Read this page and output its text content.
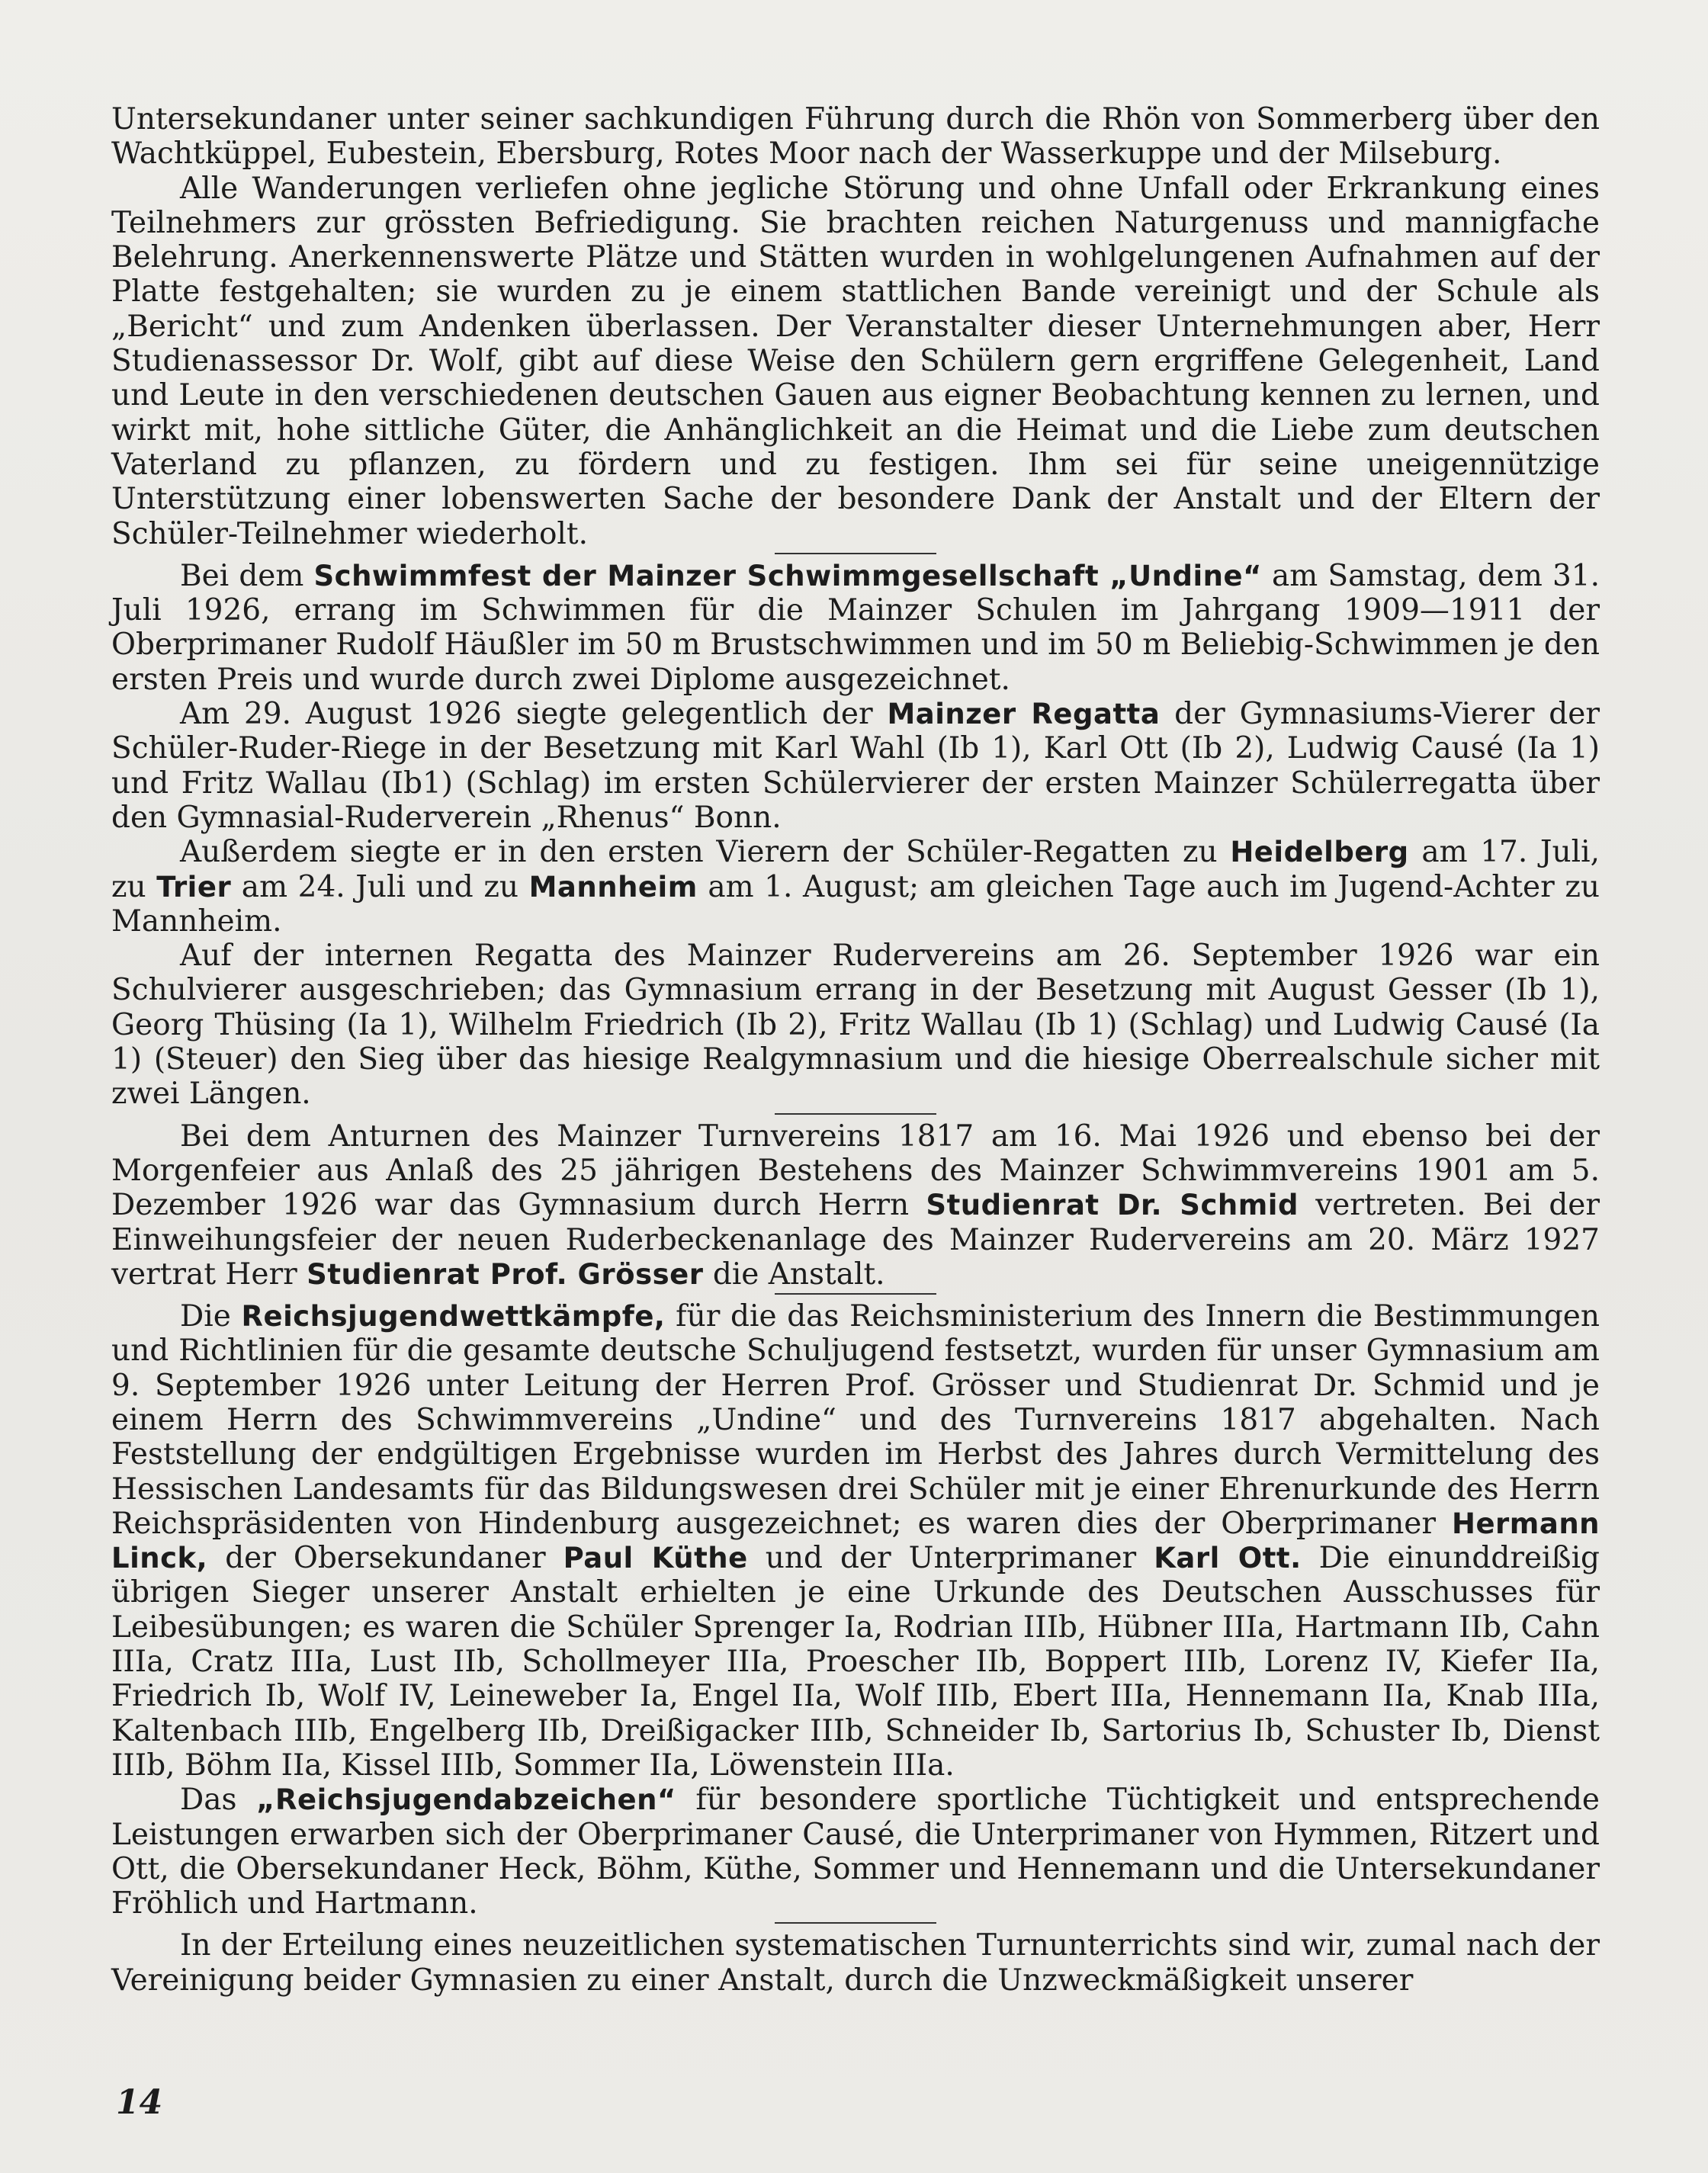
Untersekundaner unter seiner sachkundigen Führung durch die Rhön von Sommerberg über den Wachtküppel, Eubestein, Ebersburg, Rotes Moor nach der Wasserkuppe und der Milseburg.

Alle Wanderungen verliefen ohne jegliche Störung und ohne Unfall oder Erkrankung eines Teilnehmers zur grössten Befriedigung. Sie brachten reichen Naturgenuss und mannigfache Belehrung. Anerkennenswerte Plätze und Stätten wurden in wohlgelungenen Aufnahmen auf der Platte festgehalten; sie wurden zu je einem stattlichen Bande vereinigt und der Schule als „Bericht“ und zum Andenken überlassen. Der Veranstalter dieser Unternehmungen aber, Herr Studienassessor Dr. Wolf, gibt auf diese Weise den Schülern gern ergriffene Gelegenheit, Land und Leute in den verschiedenen deutschen Gauen aus eigner Beobachtung kennen zu lernen, und wirkt mit, hohe sittliche Güter, die Anhänglichkeit an die Heimat und die Liebe zum deutschen Vaterland zu pflanzen, zu fördern und zu festigen. Ihm sei für seine uneigennützige Unterstützung einer lobenswerten Sache der besondere Dank der Anstalt und der Eltern der Schüler-Teilnehmer wiederholt.

Bei dem Schwimmfest der Mainzer Schwimmgesellschaft „Undine“ am Samstag, dem 31. Juli 1926, errang im Schwimmen für die Mainzer Schulen im Jahrgang 1909—1911 der Oberprimaner Rudolf Häußler im 50 m Brustschwimmen und im 50 m Beliebig-Schwimmen je den ersten Preis und wurde durch zwei Diplome ausgezeichnet.

Am 29. August 1926 siegte gelegentlich der Mainzer Regatta der Gymnasiums-Vierer der Schüler-Ruder-Riege in der Besetzung mit Karl Wahl (Ib 1), Karl Ott (Ib 2), Ludwig Causé (Ia 1) und Fritz Wallau (Ib1) (Schlag) im ersten Schülervierer der ersten Mainzer Schülerregatta über den Gymnasial-Ruderverein „Rhenus“ Bonn.

Außerdem siegte er in den ersten Vierern der Schüler-Regatten zu Heidelberg am 17. Juli, zu Trier am 24. Juli und zu Mannheim am 1. August; am gleichen Tage auch im Jugend-Achter zu Mannheim.

Auf der internen Regatta des Mainzer Rudervereins am 26. September 1926 war ein Schulvierer ausgeschrieben; das Gymnasium errang in der Besetzung mit August Gesser (Ib 1), Georg Thüsing (Ia 1), Wilhelm Friedrich (Ib 2), Fritz Wallau (Ib 1) (Schlag) und Ludwig Causé (Ia 1) (Steuer) den Sieg über das hiesige Realgymnasium und die hiesige Oberrealschule sicher mit zwei Längen.

Bei dem Anturnen des Mainzer Turnvereins 1817 am 16. Mai 1926 und ebenso bei der Morgenfeier aus Anlaß des 25 jährigen Bestehens des Mainzer Schwimmvereins 1901 am 5. Dezember 1926 war das Gymnasium durch Herrn Studienrat Dr. Schmid vertreten. Bei der Einweihungsfeier der neuen Ruderbeckenanlage des Mainzer Rudervereins am 20. März 1927 vertrat Herr Studienrat Prof. Grösser die Anstalt.

Die Reichsjugendwettkämpfe, für die das Reichsministerium des Innern die Bestimmungen und Richtlinien für die gesamte deutsche Schuljugend festsetzt, wurden für unser Gymnasium am 9. September 1926 unter Leitung der Herren Prof. Grösser und Studienrat Dr. Schmid und je einem Herrn des Schwimmvereins „Undine“ und des Turnvereins 1817 abgehalten. Nach Feststellung der endgültigen Ergebnisse wurden im Herbst des Jahres durch Vermittelung des Hessischen Landesamts für das Bildungswesen drei Schüler mit je einer Ehrenurkunde des Herrn Reichspräsidenten von Hindenburg ausgezeichnet; es waren dies der Oberprimaner Hermann Linck, der Obersekundaner Paul Küthe und der Unterprimaner Karl Ott. Die einunddreißig übrigen Sieger unserer Anstalt erhielten je eine Urkunde des Deutschen Ausschusses für Leibesübungen; es waren die Schüler Sprenger Ia, Rodrian IIIb, Hübner IIIa, Hartmann IIb, Cahn IIIa, Cratz IIIa, Lust IIb, Schollmeyer IIIa, Proescher IIb, Boppert IIIb, Lorenz IV, Kiefer IIa, Friedrich Ib, Wolf IV, Leineweber Ia, Engel IIa, Wolf IIIb, Ebert IIIa, Hennemann IIa, Knab IIIa, Kaltenbach IIIb, Engelberg IIb, Dreißigacker IIIb, Schneider Ib, Sartorius Ib, Schuster Ib, Dienst IIIb, Böhm IIa, Kissel IIIb, Sommer IIa, Löwenstein IIIa.

Das „Reichsjugendabzeichen“ für besondere sportliche Tüchtigkeit und entsprechende Leistungen erwarben sich der Oberprimaner Causé, die Unterprimaner von Hymmen, Ritzert und Ott, die Obersekundaner Heck, Böhm, Küthe, Sommer und Hennemann und die Untersekundaner Fröhlich und Hartmann.

In der Erteilung eines neuzeitlichen systematischen Turnunterrichts sind wir, zumal nach der Vereinigung beider Gymnasien zu einer Anstalt, durch die Unzweckmäßigkeit unserer

14
